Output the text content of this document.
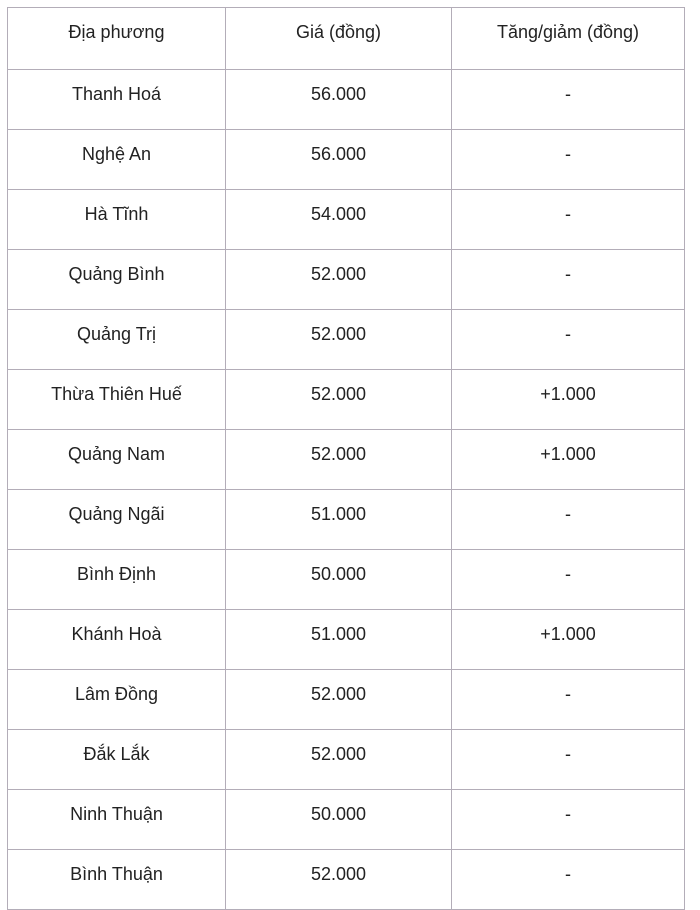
Địa phương	Giá (đồng)	Tăng/giảm (đồng)
Thanh Hoá	56.000	-
Nghệ An	56.000	-
Hà Tĩnh	54.000	-
Quảng Bình	52.000	-
Quảng Trị	52.000	-
Thừa Thiên Huế	52.000	+1.000
Quảng Nam	52.000	+1.000
Quảng Ngãi	51.000	-
Bình Định	50.000	-
Khánh Hoà	51.000	+1.000
Lâm Đồng	52.000	-
Đắk Lắk	52.000	-
Ninh Thuận	50.000	-
Bình Thuận	52.000	-
